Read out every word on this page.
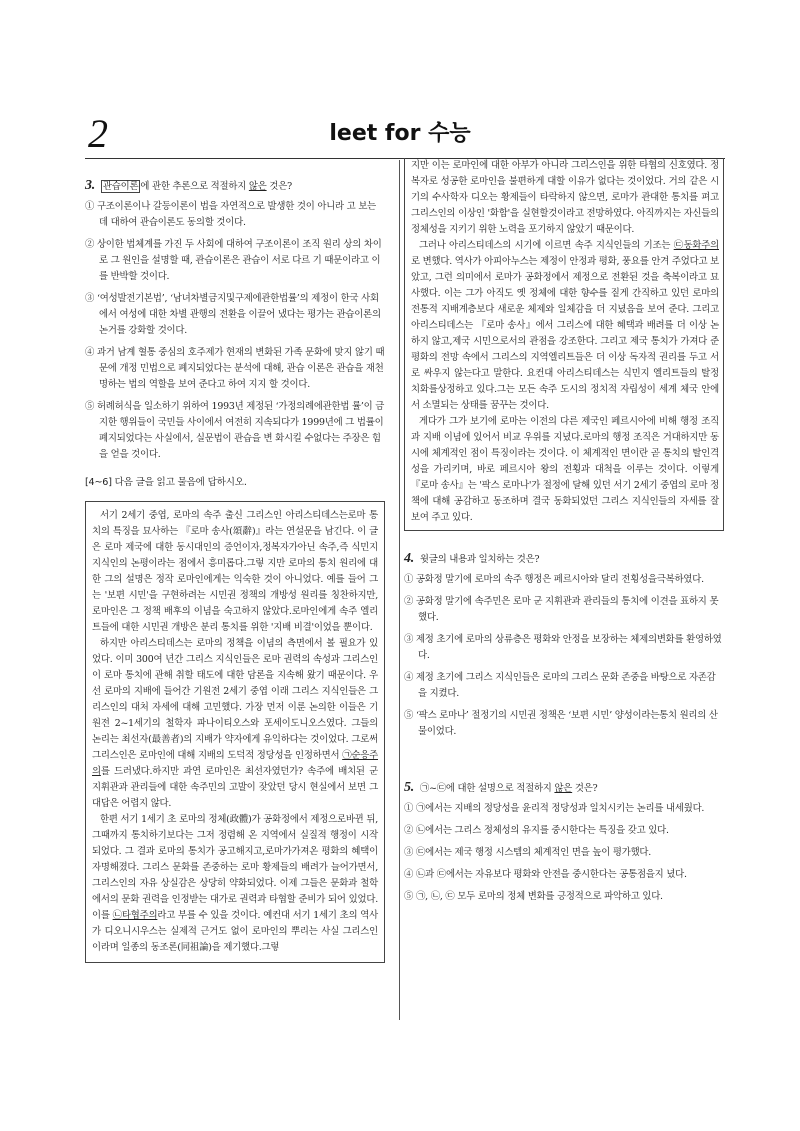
2	leet for 수능
3. 관습이론 에 관한 추론으로 적절하지 않은 것은?
① 구조이론이나 갈등이론이 법을 자연적으로 발생한 것이 아니라 고 보는 데 대하여 관습이론도 동의할 것이다.
② 상이한 법체계를 가진 두 사회에 대하여 구조이론이 조직 원리 상의 차이로 그 원인을 설명할 때, 관습이론은 관습이 서로 다르 기 때문이라고 이를 반박할 것이다.
③ ‘여성발전기본법’, ‘남녀차별금지및구제에관한법률’의 제정이 한국 사회에서 여성에 대한 차별 관행의 전환을 이끌어 냈다는 평가는 관습이론의 논거를 강화할 것이다.
④ 과거 남계 혈통 중심의 호주제가 현재의 변화된 가족 문화에 맞지 않기 때문에 개정 민법으로 폐지되었다는 분석에 대해, 관습 이론은 관습을 재천명하는 법의 역할을 보여 준다고 하여 지지 할 것이다.
⑤ 허례허식을 일소하기 위하여 1993년 제정된 ‘가정의례에관한법 률’이 금지한 행위들이 국민들 사이에서 여전히 지속되다가 1999년에 그 법률이 폐지되었다는 사실에서, 실문법이 관습을 변 화시킬 수없다는 주장은 힘을 얻을 것이다.
[4~6] 다음 글을 읽고 물음에 답하시오.

서기 2세기 중엽, 로마의 속주 출신 그리스인 아리스티데스는로마 통치의 특징을 묘사하는 『로마 송사(頌辭)』라는 연설문을 남긴다. 이 글은 로마 제국에 대한 동시대인의 증언이자,정복자가아닌 속주,즉 식민지 지식인의 논평이라는 점에서 흥미롭다.그렇 지만 로마의 통치 원리에 대한 그의 설명은 정작 로마인에게는 익숙한 것이 아니었다. 예를 들어 그는 '보편 시민'을 구현하려는 시민권 정책의 개방성 원리를 칭찬하지만,로마인은 그 정책 배후의 이념을 숙고하지 않았다.로마인에게 속주 엘리트들에 대한 시민권 개방은 분리 통치를 위한 '지배 비결'이었을 뿐이다.

하지만 아리스티데스는 로마의 정책을 이념의 측면에서 볼 필요가 있었다. 이미 300여 년간 그리스 지식인들은 로마 권력의 속성과 그리스인이 로마 통치에 관해 취할 태도에 대한 담론을 지속해 왔기 때문이다. 우선 로마의 지배에 들어간 기원전 2세기 중엽 이래 그리스 지식인들은 그리스인의 대처 자세에 대해 고민했다. 가장 먼저 이룬 논의한 이들은 기원전 2~1세기의 철학자 파나이티오스와 포세이도니오스였다. 그들의 논리는 최선자(最善者)의 지배가 약자에게 유익하다는 것이었다. 그로써 그리스인은 로마인에 대해 지배의 도덕적 정당성을 인정하면서 ㉠순응주의를 드러냈다.하지만 과연 로마인은 최선자였던가? 속주에 배치된 군 지휘관과 관리들에 대한 속주민의 고발이 잦았던 당시 현실에서 보면 그 대답은 어렵지 않다.

한편 서기 1세기 초 로마의 정체(政體)가 공화정에서 제정으로바뀐 뒤, 그때까지 통치하기보다는 그저 정렴해 온 지역에서 실질적 행정이 시작되었다. 그 결과 로마의 통치가 공고해지고,로마가가져온 평화의 혜택이 자명해졌다. 그리스 문화를 존중하는 로마 황제들의 배려가 늘어가면서, 그리스인의 자유 상실감은 상당히 약화되었다. 이제 그들은 문화과 철학에서의 문화 권력을 인정받는 대가로 권력과 타협할 준비가 되어 있었다. 이를 ㉡타협주의라고 부를 수 있을 것이다. 예컨대 서기 1세기 초의 역사가 디오니시우스는 실제적 근거도 없이 로마인의 뿌리는 사실 그리스인이라며 일종의 동조론(同祖論)을 제기했다.그렇

지만 이는 로마인에 대한 아부가 아니라 그리스인을 위한 타협의 신호였다. 정복자로 성공한 로마인을 불편하게 대할 이유가 없다는 것이었다. 거의 같은 시기의 수사학자 디오는 황제들이 타락하지 않으면, 로마가 관대한 통치를 펴고 그리스인의 이상인 '화합'을 실현할것이라고 전망하였다. 아직까지는 자신들의 정체성을 지키기 위한 노력을 포기하지 않았기 때문이다.

그러나 아리스티데스의 시기에 이르면 속주 지식인들의 기조는 ㉢동화주의로 변했다. 역사가 아피아누스는 제정이 안정과 평화, 풍요를 안겨 주었다고 보았고, 그런 의미에서 로마가 공화정에서 제정으로 전환된 것을 축복이라고 묘사했다. 이는 그가 아직도 옛 정체에 대한 향수를 짙게 간직하고 있던 로마의 전통적 지배계층보다 새로운 체제와 일체감을 더 지녔음을 보여 준다. 그리고 아리스티데스는 『로마 송사』에서 그리스에 대한 혜택과 배려를 더 이상 논하지 않고,제국 시민으로서의 관점을 강조한다. 그리고 제국 통치가 가져다 준 평화의 전망 속에서 그리스의 지역엘리트들은 더 이상 독자적 권리를 두고 서로 싸우지 않는다고 말한다. 요컨대 아리스티데스는 식민지 엘리트들의 탈정치화를상정하고 있다.그는 모든 속주 도시의 정치적 자립성이 세계 체국 안에서 소멸되는 상태를 꿈꾸는 것이다.

게다가 그가 보기에 로마는 이전의 다른 제국인 페르시아에 비해 행정 조직과 지배 이념에 있어서 비교 우위를 지녔다.로마의 행정 조직은 거대하지만 동시에 체계적인 점이 특징이라는 것이다. 이 체계적인 면이란 곧 통치의 탈인격성을 가리키며, 바로 페르시아 왕의 전횡과 대척을 이루는 것이다. 이렇게 『로마 송사』는 '팍스 로마나'가 절정에 달해 있던 서기 2세기 중엽의 로마 정책에 대해 공감하고 동조하며 결국 동화되었던 그리스 지식인들의 자세를 잘 보여 주고 있다.

4. 윗글의 내용과 일치하는 것은?
① 공화정 말기에 로마의 속주 행정은 페르시아와 달리 전횡성을극복하였다.
② 공화정 말기에 속주민은 로마 군 지휘관과 관리들의 통치에 이견을 표하지 못했다.
③ 제정 초기에 로마의 상류층은 평화와 안정을 보장하는 체제의변화를 환영하였다.
④ 제정 초기에 그리스 지식인들은 로마의 그리스 문화 존중을 바탕으로 자존감을 지켰다.
⑤ ‘팍스 로마나’ 절정기의 시민권 정책은 ‘보편 시민’ 양성이라는통치 원리의 산물이었다.
5. ㉠~㉢에 대한 설명으로 적절하지 않은 것은?
① ㉠에서는 지배의 정당성을 윤리적 정당성과 일치시키는 논리를 내세웠다.
② ㉡에서는 그리스 정체성의 유지를 중시한다는 특징을 갖고 있다.
③ ㉢에서는 제국 행정 시스템의 체계적인 면을 높이 평가했다.
④ ㉡과 ㉢에서는 자유보다 평화와 안전을 중시한다는 공통점을지 녔다.
⑤ ㉠, ㉡, ㉢ 모두 로마의 정체 변화를 긍정적으로 파악하고 있다.
